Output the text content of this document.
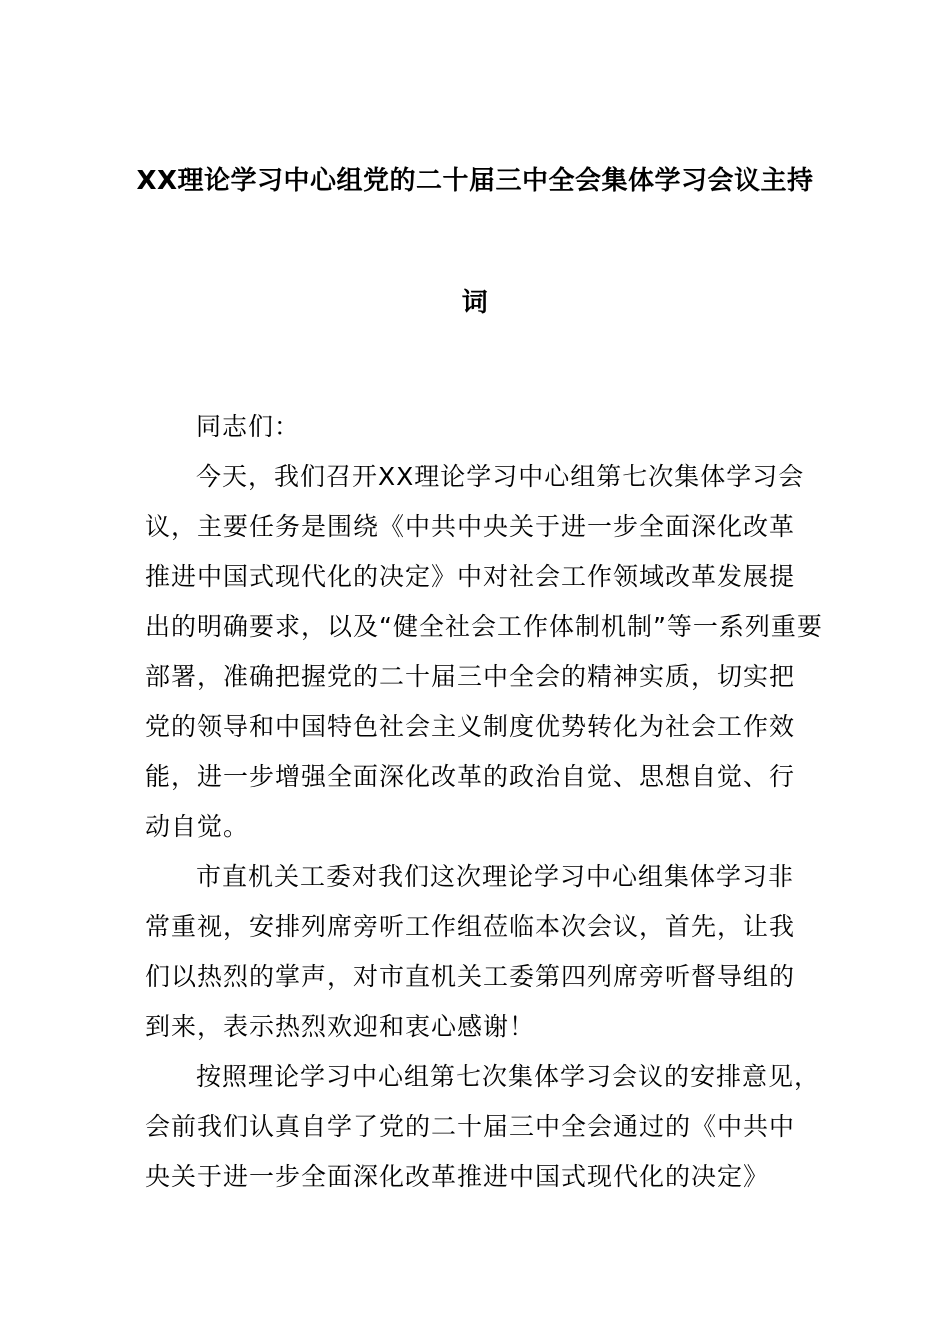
XX理论学习中心组党的二十届三中全会集体学习会议主持
词
同志们：
今天，我们召开XX理论学习中心组第七次集体学习会
议，主要任务是围绕《中共中央关于进一步全面深化改革
推进中国式现代化的决定》中对社会工作领域改革发展提
出的明确要求，以及“健全社会工作体制机制”等一系列重要
部署，准确把握党的二十届三中全会的精神实质，切实把
党的领导和中国特色社会主义制度优势转化为社会工作效
能，进一步增强全面深化改革的政治自觉、思想自觉、行
动自觉。
市直机关工委对我们这次理论学习中心组集体学习非
常重视，安排列席旁听工作组莅临本次会议，首先，让我
们以热烈的掌声，对市直机关工委第四列席旁听督导组的
到来，表示热烈欢迎和衷心感谢！
按照理论学习中心组第七次集体学习会议的安排意见，
会前我们认真自学了党的二十届三中全会通过的《中共中
央关于进一步全面深化改革推进中国式现代化的决定》
